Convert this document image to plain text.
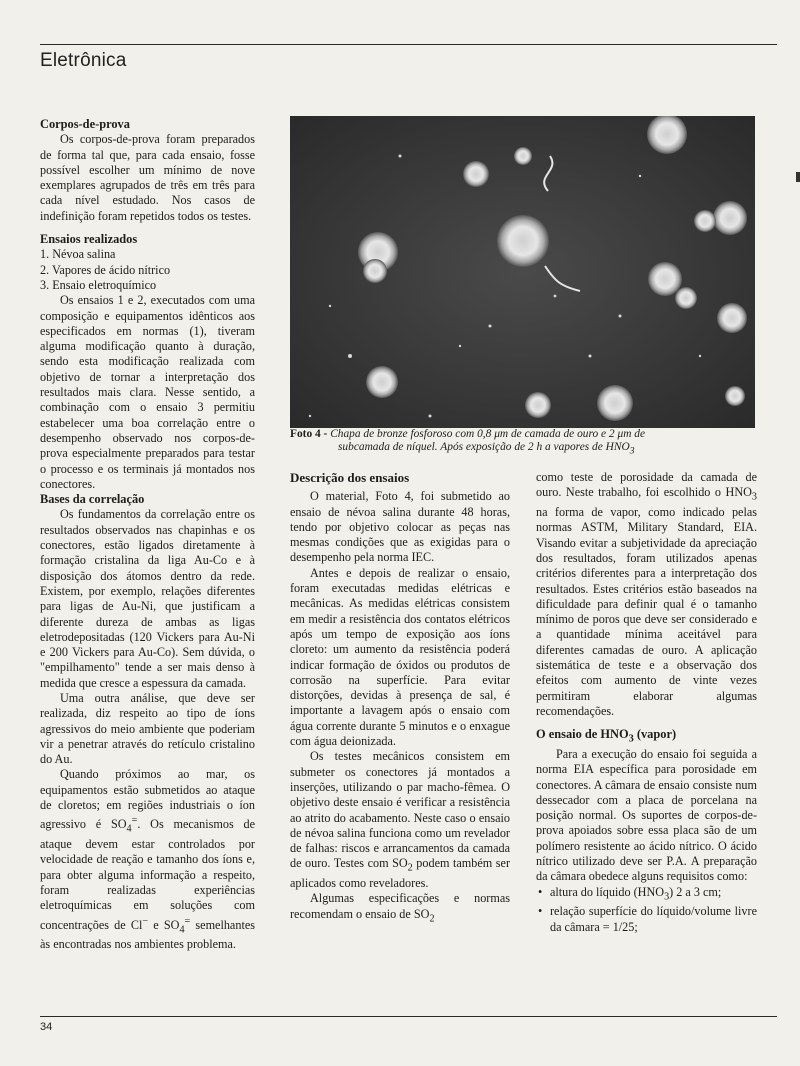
Eletrônica
Corpos-de-prova

Os corpos-de-prova foram preparados de forma tal que, para cada ensaio, fosse possível escolher um mínimo de nove exemplares agrupados de três em três para cada nível estudado. Nos casos de indefinição foram repetidos todos os testes.

Ensaios realizados

1. Névoa salina

2. Vapores de ácido nítrico

3. Ensaio eletroquímico

Os ensaios 1 e 2, executados com uma composição e equipamentos idênticos aos especificados em normas (1), tiveram alguma modificação quanto à duração, sendo esta modificação realizada com objetivo de tornar a interpretação dos resultados mais clara. Nesse sentido, a combinação com o ensaio 3 permitiu estabelecer uma boa correlação entre o desempenho observado nos corpos-de-prova especialmente preparados para testar o processo e os terminais já montados nos conectores.

Bases da correlação

Os fundamentos da correlação entre os resultados observados nas chapinhas e os conectores, estão ligados diretamente à formação cristalina da liga Au-Co e à disposição dos átomos dentro da rede. Existem, por exemplo, relações diferentes para ligas de Au-Ni, que justificam a diferente dureza de ambas as ligas eletrodepositadas (120 Vickers para Au-Ni e 200 Vickers para Au-Co). Sem dúvida, o "empilhamento" tende a ser mais denso à medida que cresce a espessura da camada.

Uma outra análise, que deve ser realizada, diz respeito ao tipo de íons agressivos do meio ambiente que poderiam vir a penetrar através do retículo cristalino do Au.

Quando próximos ao mar, os equipamentos estão submetidos ao ataque de cloretos; em regiões industriais o íon agressivo é $SO_4^=$. Os mecanismos de ataque devem estar controlados por velocidade de reação e tamanho dos íons e, para obter alguma informação a respeito, foram realizadas experiências eletroquímicas em soluções com concentrações de Cl− e $SO_4^=$ semelhantes às encontradas nos ambientes problema.

Foto 4 - Chapa de bronze fosforoso com 0,8 μm de camada de ouro e 2 μm de
subcamada de níquel. Após exposição de 2 h a vapores de $HNO_3$
Descrição dos ensaios

O material, Foto 4, foi submetido ao ensaio de névoa salina durante 48 horas, tendo por objetivo colocar as peças nas mesmas condições que as exigidas para o desempenho pela norma IEC.

Antes e depois de realizar o ensaio, foram executadas medidas elétricas e mecânicas. As medidas elétricas consistem em medir a resistência dos contatos elétricos após um tempo de exposição aos íons cloreto: um aumento da resistência poderá indicar formação de óxidos ou produtos de corrosão na superfície. Para evitar distorções, devidas à presença de sal, é importante a lavagem após o ensaio com água corrente durante 5 minutos e o enxague com água deionizada.

Os testes mecânicos consistem em submeter os conectores já montados a inserções, utilizando o par macho-fêmea. O objetivo deste ensaio é verificar a resistência ao atrito do acabamento. Neste caso o ensaio de névoa salina funciona como um revelador de falhas: riscos e arrancamentos da camada de ouro. Testes com $SO_2$ podem também ser aplicados como reveladores.

Algumas especificações e normas recomendam o ensaio de $SO_2$

como teste de porosidade da camada de ouro. Neste trabalho, foi escolhido o $HNO_3$ na forma de vapor, como indicado pelas normas ASTM, Military Standard, EIA. Visando evitar a subjetividade da apreciação dos resultados, foram utilizados apenas critérios diferentes para a interpretação dos resultados. Estes critérios estão baseados na dificuldade para definir qual é o tamanho mínimo de poros que deve ser considerado e a quantidade mínima aceitável para diferentes camadas de ouro. A aplicação sistemática de teste e a observação dos efeitos com aumento de vinte vezes permitiram elaborar algumas recomendações.

O ensaio de $HNO_3$ (vapor)

Para a execução do ensaio foi seguida a norma EIA específica para porosidade em conectores. A câmara de ensaio consiste num dessecador com a placa de porcelana na posição normal. Os suportes de corpos-de-prova apoiados sobre essa placa são de um polímero resistente ao ácido nítrico. O ácido nítrico utilizado deve ser P.A. A preparação da câmara obedece alguns requisitos como:

• altura do líquido $(HNO_3)$ 2 a 3 cm;
• relação superfície do líquido/volume livre da câmara = 1/25;
34
